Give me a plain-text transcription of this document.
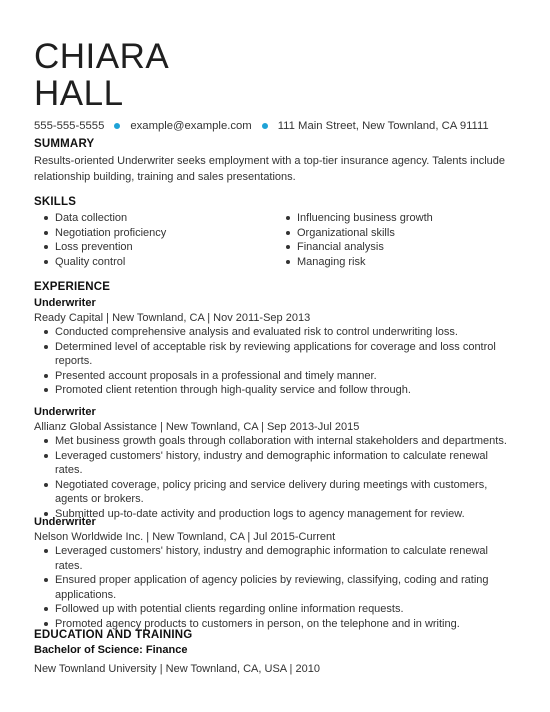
CHIARA
HALL
555-555-5555 example@example.com 111 Main Street, New Townland, CA 91111
SUMMARY
Results-oriented Underwriter seeks employment with a top-tier insurance agency. Talents include relationship building, training and sales presentations.
SKILLS
Data collection
Negotiation proficiency
Loss prevention
Quality control
Influencing business growth
Organizational skills
Financial analysis
Managing risk
EXPERIENCE
Underwriter
Ready Capital | New Townland, CA | Nov 2011-Sep 2013
Conducted comprehensive analysis and evaluated risk to control underwriting loss.
Determined level of acceptable risk by reviewing applications for coverage and loss control reports.
Presented account proposals in a professional and timely manner.
Promoted client retention through high-quality service and follow through.
Underwriter
Allianz Global Assistance | New Townland, CA | Sep 2013-Jul 2015
Met business growth goals through collaboration with internal stakeholders and departments.
Leveraged customers' history, industry and demographic information to calculate renewal rates.
Negotiated coverage, policy pricing and service delivery during meetings with customers, agents or brokers.
Submitted up-to-date activity and production logs to agency management for review.
Underwriter
Nelson Worldwide Inc. | New Townland, CA | Jul 2015-Current
Leveraged customers' history, industry and demographic information to calculate renewal rates.
Ensured proper application of agency policies by reviewing, classifying, coding and rating applications.
Followed up with potential clients regarding online information requests.
Promoted agency products to customers in person, on the telephone and in writing.
EDUCATION AND TRAINING
Bachelor of Science: Finance
New Townland University | New Townland, CA, USA | 2010
